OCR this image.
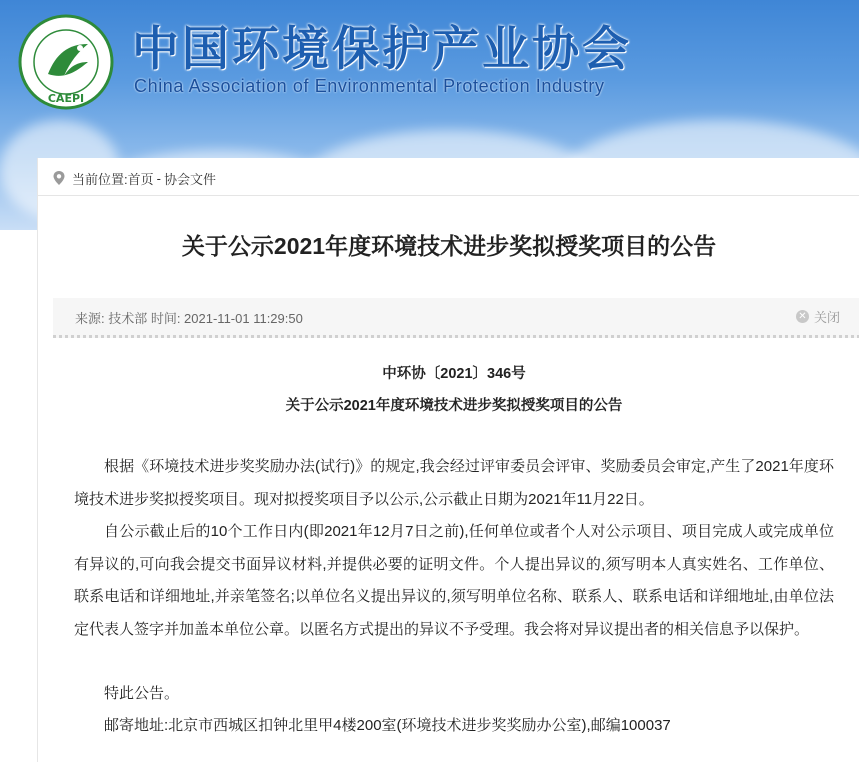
CAEPI
中国环境保护产业协会
China Association of Environmental Protection Industry
当前位置: 首页 - 协会文件
关于公示2021年度环境技术进步奖拟授奖项目的公告
来源: 技术部 时间: 2021-11-01 11:29:50	✕ 关闭

中环协〔2021〕346号

关于公示2021年度环境技术进步奖拟授奖项目的公告

根据《环境技术进步奖奖励办法(试行)》的规定,我会经过评审委员会评审、奖励委员会审定,产生了2021年度环境技术进步奖拟授奖项目。现对拟授奖项目予以公示,公示截止日期为2021年11月22日。

自公示截止后的10个工作日内(即2021年12月7日之前),任何单位或者个人对公示项目、项目完成人或完成单位有异议的,可向我会提交书面异议材料,并提供必要的证明文件。个人提出异议的,须写明本人真实姓名、工作单位、联系电话和详细地址,并亲笔签名;以单位名义提出异议的,须写明单位名称、联系人、联系电话和详细地址,由单位法定代表人签字并加盖本单位公章。以匿名方式提出的异议不予受理。我会将对异议提出者的相关信息予以保护。

特此公告。

邮寄地址:北京市西城区扣钟北里甲4楼200室(环境技术进步奖奖励办公室),邮编100037
